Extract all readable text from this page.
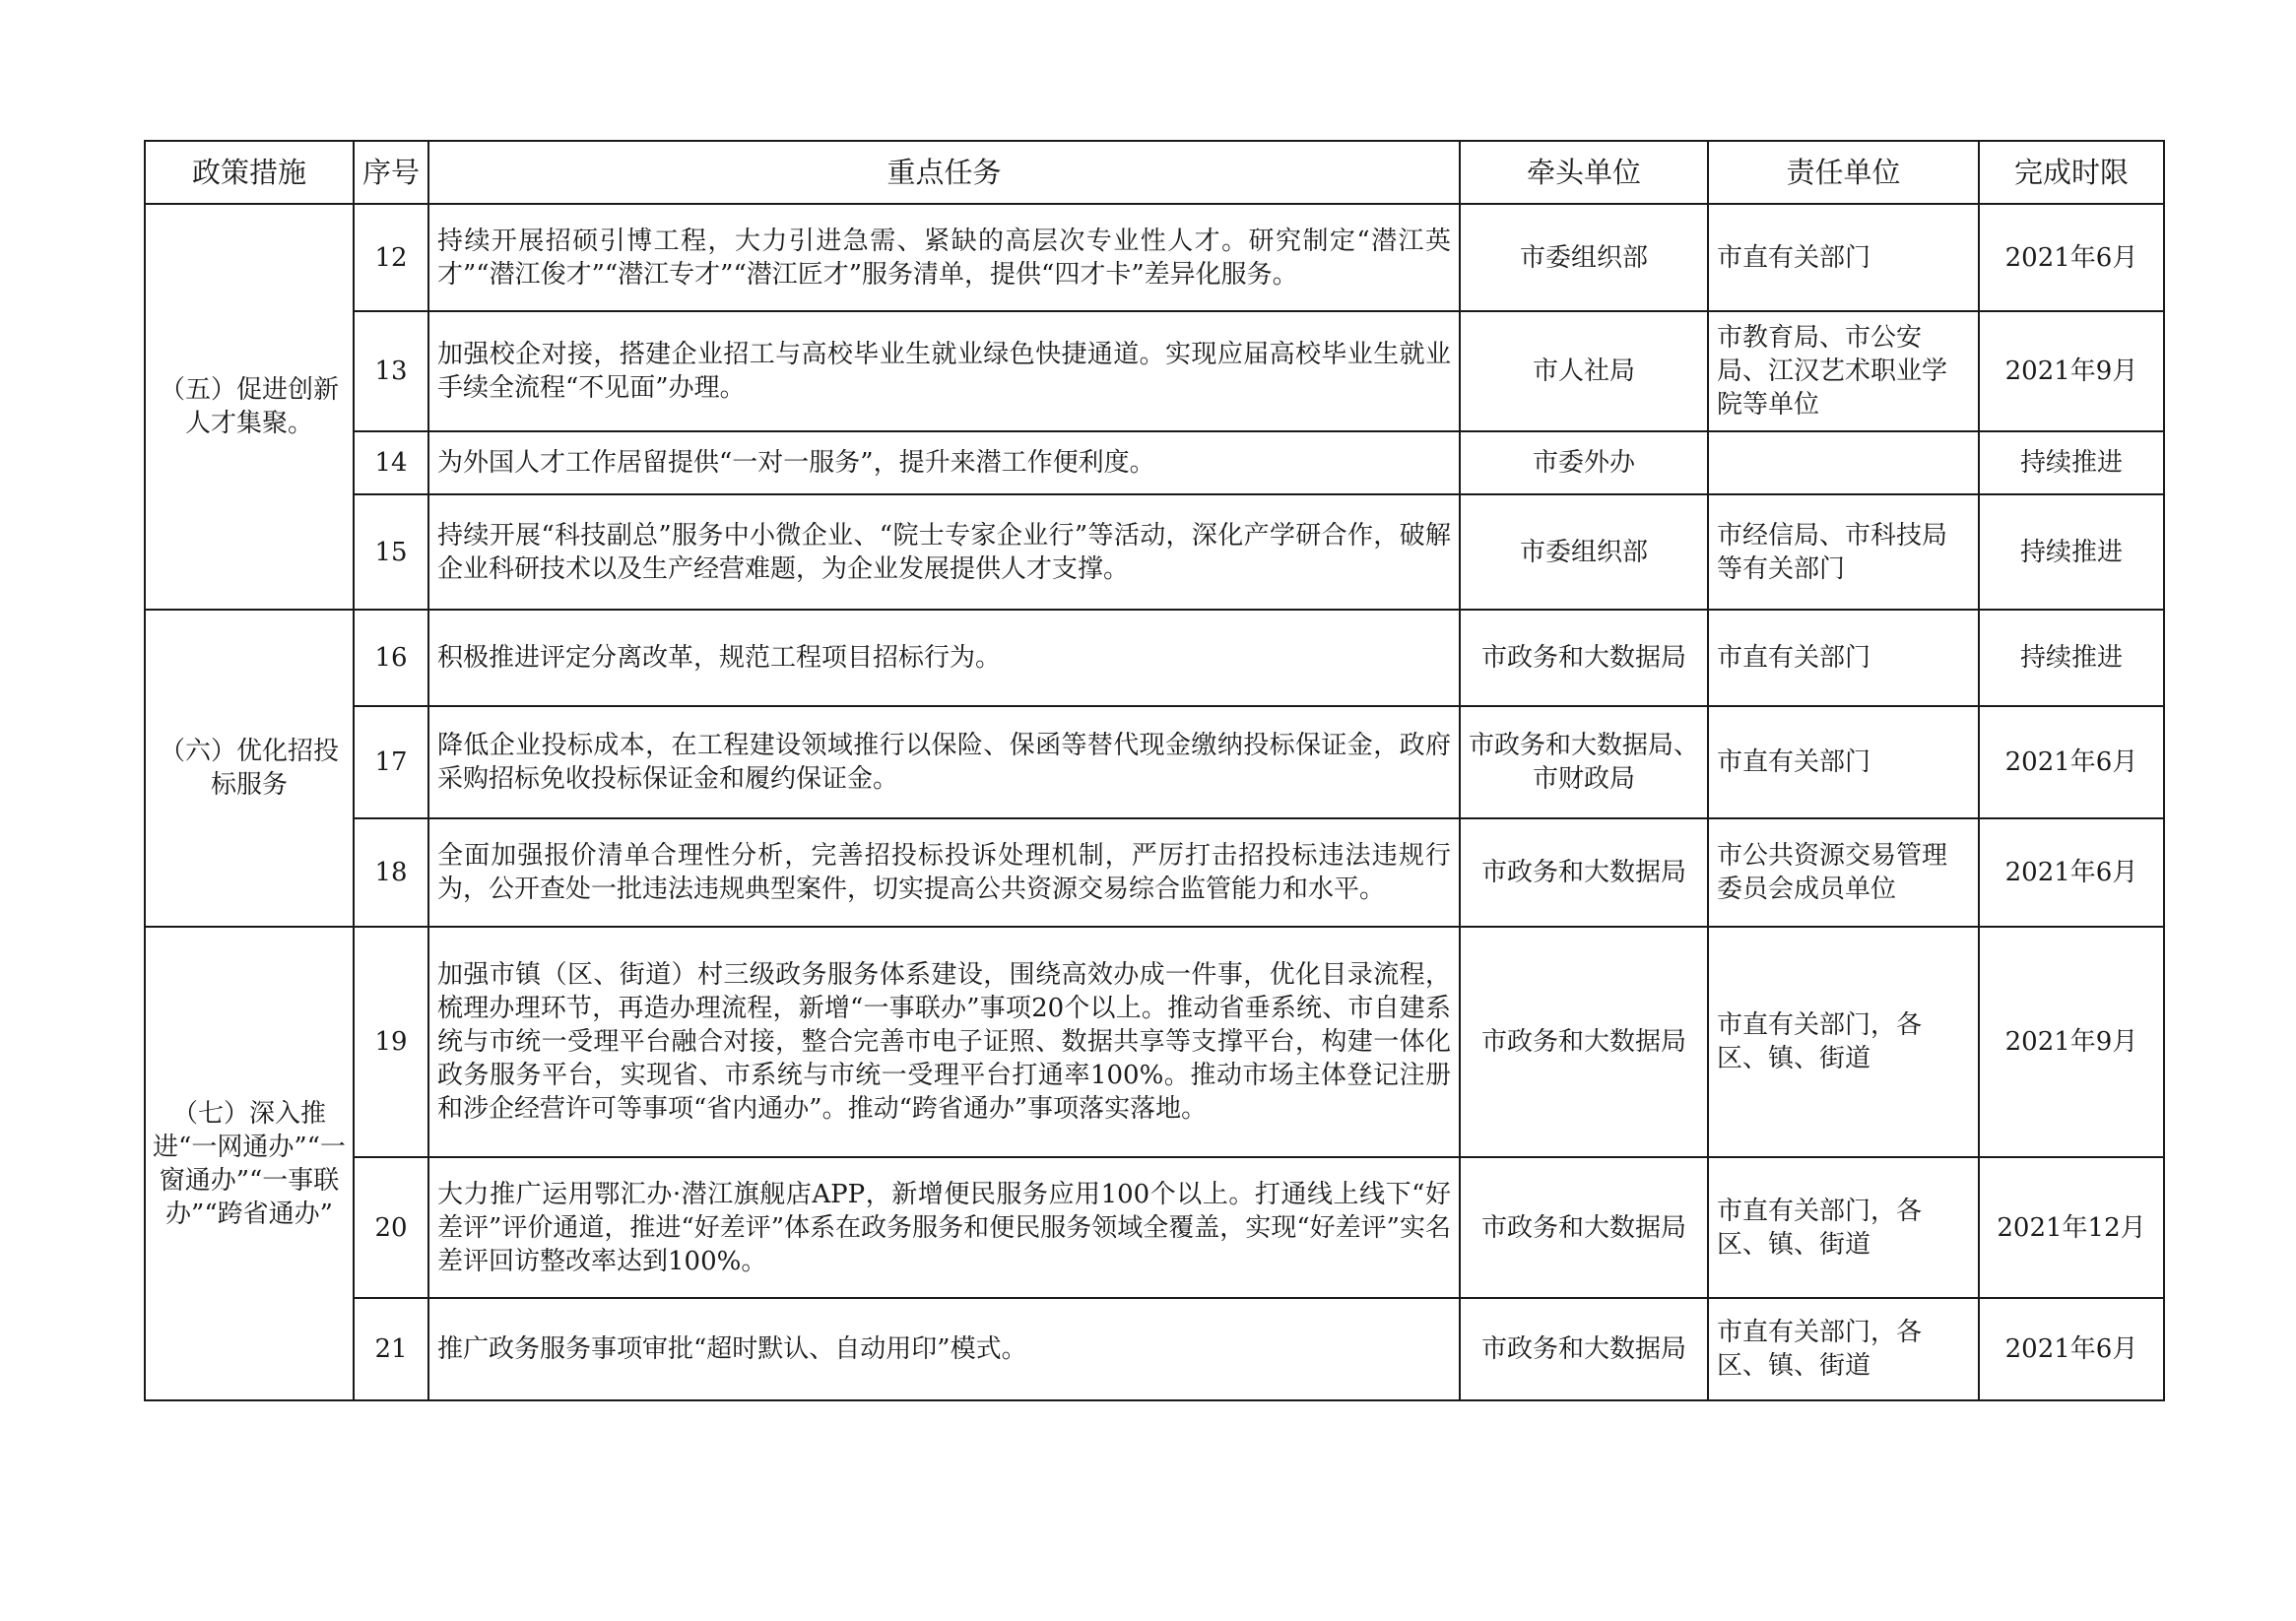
政策措施	序号	重点任务	牵头单位	责任单位	完成时限
（五）促进创新人才集聚。	12	持续开展招硕引博工程，大力引进急需、紧缺的高层次专业性人才。研究制定“潜江英才”“潜江俊才”“潜江专才”“潜江匠才”服务清单，提供“四才卡”差异化服务。	市委组织部	市直有关部门	2021年6月
	13	加强校企对接，搭建企业招工与高校毕业生就业绿色快捷通道。实现应届高校毕业生就业手续全流程“不见面”办理。	市人社局	市教育局、市公安局、江汉艺术职业学院等单位	2021年9月
	14	为外国人才工作居留提供“一对一服务”，提升来潜工作便利度。	市委外办		持续推进
	15	持续开展“科技副总”服务中小微企业、“院士专家企业行”等活动，深化产学研合作，破解企业科研技术以及生产经营难题，为企业发展提供人才支撑。	市委组织部	市经信局、市科技局等有关部门	持续推进
（六）优化招投标服务	16	积极推进评定分离改革，规范工程项目招标行为。	市政务和大数据局	市直有关部门	持续推进
	17	降低企业投标成本，在工程建设领域推行以保险、保函等替代现金缴纳投标保证金，政府采购招标免收投标保证金和履约保证金。	市政务和大数据局、市财政局	市直有关部门	2021年6月
	18	全面加强报价清单合理性分析，完善招投标投诉处理机制，严厉打击招投标违法违规行为，公开查处一批违法违规典型案件，切实提高公共资源交易综合监管能力和水平。	市政务和大数据局	市公共资源交易管理委员会成员单位	2021年6月
（七）深入推进“一网通办”“一窗通办”“一事联办”“跨省通办”	19	加强市镇（区、街道）村三级政务服务体系建设，围绕高效办成一件事，优化目录流程，梳理办理环节，再造办理流程，新增“一事联办”事项20个以上。推动省垂系统、市自建系统与市统一受理平台融合对接，整合完善市电子证照、数据共享等支撑平台，构建一体化政务服务平台，实现省、市系统与市统一受理平台打通率100%。推动市场主体登记注册和涉企经营许可等事项“省内通办”。推动“跨省通办”事项落实落地。	市政务和大数据局	市直有关部门，各区、镇、街道	2021年9月
	20	大力推广运用鄂汇办·潜江旗舰店APP，新增便民服务应用100个以上。打通线上线下“好差评”评价通道，推进“好差评”体系在政务服务和便民服务领域全覆盖，实现“好差评”实名差评回访整改率达到100%。	市政务和大数据局	市直有关部门，各区、镇、街道	2021年12月
	21	推广政务服务事项审批“超时默认、自动用印”模式。	市政务和大数据局	市直有关部门，各区、镇、街道	2021年6月
